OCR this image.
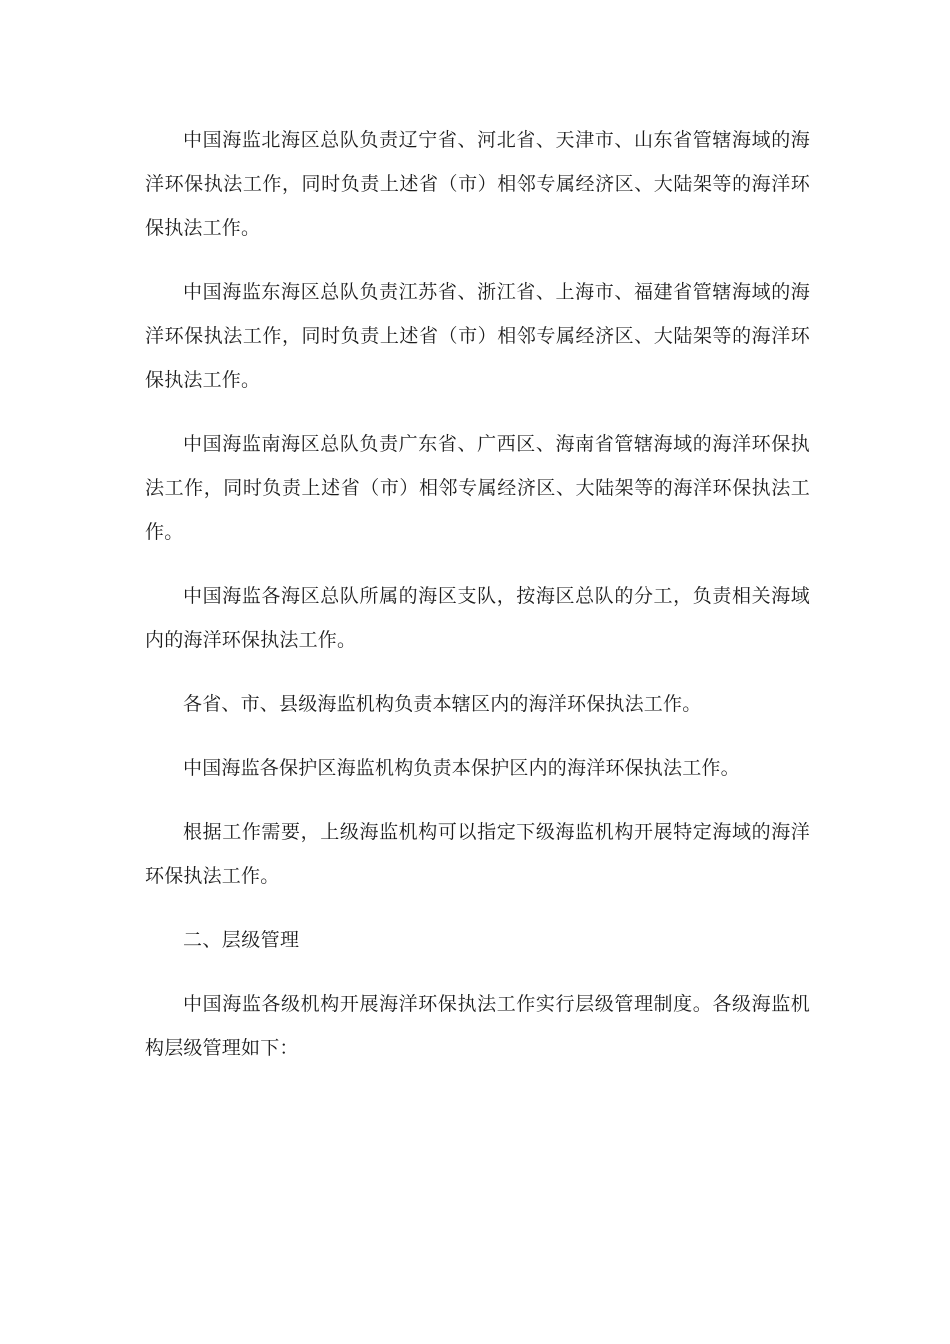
中国海监北海区总队负责辽宁省、河北省、天津市、山东省管辖海域的海洋环保执法工作，同时负责上述省（市）相邻专属经济区、大陆架等的海洋环保执法工作。

中国海监东海区总队负责江苏省、浙江省、上海市、福建省管辖海域的海洋环保执法工作，同时负责上述省（市）相邻专属经济区、大陆架等的海洋环保执法工作。

中国海监南海区总队负责广东省、广西区、海南省管辖海域的海洋环保执法工作，同时负责上述省（市）相邻专属经济区、大陆架等的海洋环保执法工作。

中国海监各海区总队所属的海区支队，按海区总队的分工，负责相关海域内的海洋环保执法工作。

各省、市、县级海监机构负责本辖区内的海洋环保执法工作。

中国海监各保护区海监机构负责本保护区内的海洋环保执法工作。

根据工作需要，上级海监机构可以指定下级海监机构开展特定海域的海洋环保执法工作。

二、层级管理

中国海监各级机构开展海洋环保执法工作实行层级管理制度。各级海监机构层级管理如下：
